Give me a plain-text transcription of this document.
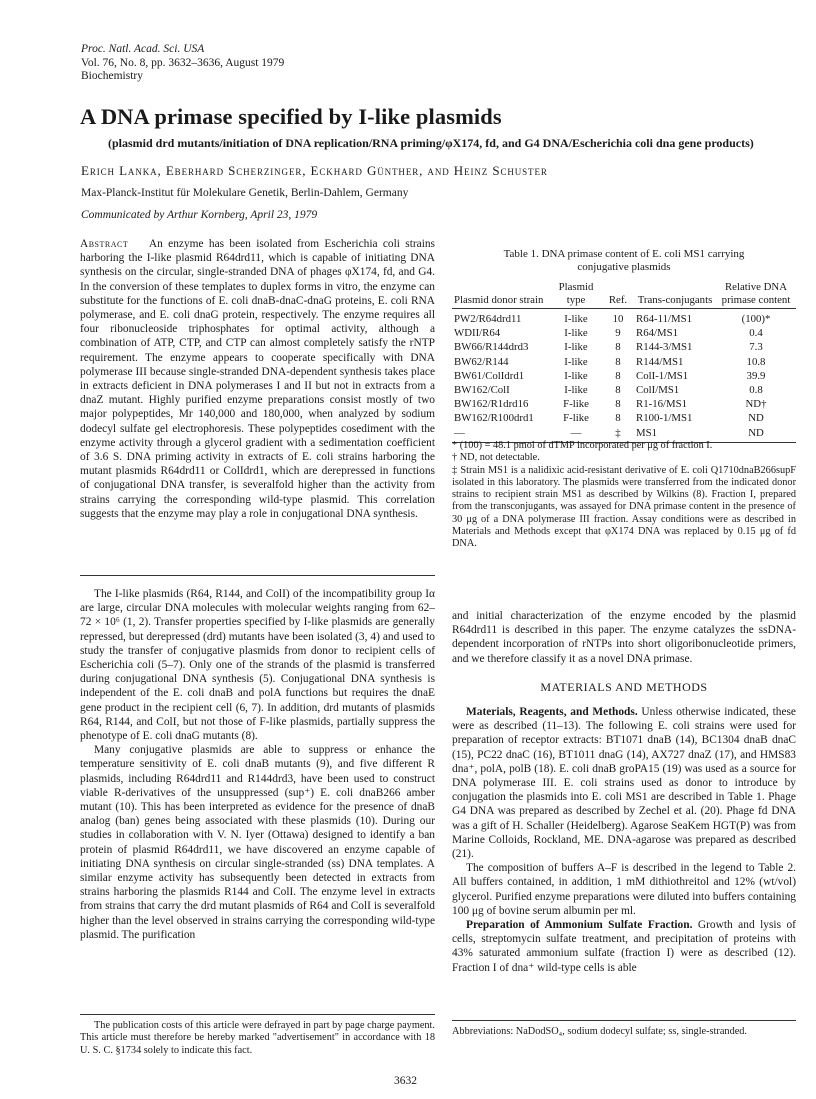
Proc. Natl. Acad. Sci. USA
Vol. 76, No. 8, pp. 3632–3636, August 1979
Biochemistry
A DNA primase specified by I-like plasmids
(plasmid drd mutants/initiation of DNA replication/RNA priming/φX174, fd, and G4 DNA/Escherichia coli dna gene products)
Erich Lanka, Eberhard Scherzinger, Eckhard Günther, and Heinz Schuster
Max-Planck-Institut für Molekulare Genetik, Berlin-Dahlem, Germany
Communicated by Arthur Kornberg, April 23, 1979
Abstract An enzyme has been isolated from Escherichia coli strains harboring the I-like plasmid R64drd11, which is capable of initiating DNA synthesis on the circular, single-stranded DNA of phages φX174, fd, and G4. In the conversion of these templates to duplex forms in vitro, the enzyme can substitute for the functions of E. coli dnaB-dnaC-dnaG proteins, E. coli RNA polymerase, and E. coli dnaG protein, respectively. The enzyme requires all four ribonucleoside triphosphates for optimal activity, although a combination of ATP, CTP, and CTP can almost completely satisfy the rNTP requirement. The enzyme appears to cooperate specifically with DNA polymerase III because single-stranded DNA-dependent synthesis takes place in extracts deficient in DNA polymerases I and II but not in extracts from a dnaZ mutant. Highly purified enzyme preparations consist mostly of two major polypeptides, Mr 140,000 and 180,000, when analyzed by sodium dodecyl sulfate gel electrophoresis. These polypeptides cosediment with the enzyme activity through a glycerol gradient with a sedimentation coefficient of 3.6 S. DNA priming activity in extracts of E. coli strains harboring the mutant plasmids R64drd11 or ColIdrd1, which are derepressed in functions of conjugational DNA transfer, is severalfold higher than the activity from strains carrying the corresponding wild-type plasmid. This correlation suggests that the enzyme may play a role in conjugational DNA synthesis.

The I-like plasmids (R64, R144, and ColI) of the incompatibility group Iα are large, circular DNA molecules with molecular weights ranging from 62–72 × 10⁶ (1, 2). Transfer properties specified by I-like plasmids are generally repressed, but derepressed (drd) mutants have been isolated (3, 4) and used to study the transfer of conjugative plasmids from donor to recipient cells of Escherichia coli (5–7). Only one of the strands of the plasmid is transferred during conjugational DNA synthesis (5). Conjugational DNA synthesis is independent of the E. coli dnaB and polA functions but requires the dnaE gene product in the recipient cell (6, 7). In addition, drd mutants of plasmids R64, R144, and ColI, but not those of F-like plasmids, partially suppress the phenotype of E. coli dnaG mutants (8).

Many conjugative plasmids are able to suppress or enhance the temperature sensitivity of E. coli dnaB mutants (9), and five different R plasmids, including R64drd11 and R144drd3, have been used to construct viable R-derivatives of the unsuppressed (sup⁺) E. coli dnaB266 amber mutant (10). This has been interpreted as evidence for the presence of dnaB analog (ban) genes being associated with these plasmids (10). During our studies in collaboration with V. N. Iyer (Ottawa) designed to identify a ban protein of plasmid R64drd11, we have discovered an enzyme capable of initiating DNA synthesis on circular single-stranded (ss) DNA templates. A similar enzyme activity has subsequently been detected in extracts from strains harboring the plasmids R144 and ColI. The enzyme level in extracts from strains that carry the drd mutant plasmids of R64 and ColI is severalfold higher than the level observed in strains carrying the corresponding wild-type plasmid. The purification

The publication costs of this article were defrayed in part by page charge payment. This article must therefore be hereby marked "advertisement" in accordance with 18 U. S. C. §1734 solely to indicate this fact.

Table 1. DNA primase content of E. coli MS1 carrying
conjugative plasmids
Plasmid donor strain	Plasmid type	Ref.	Trans-conjugants	Relative DNA primase content
PW2/R64drd11	I-like	10	R64-11/MS1	(100)*
WDII/R64	I-like	9	R64/MS1	0.4
BW66/R144drd3	I-like	8	R144-3/MS1	7.3
BW62/R144	I-like	8	R144/MS1	10.8
BW61/ColIdrd1	I-like	8	ColI-1/MS1	39.9
BW162/ColI	I-like	8	ColI/MS1	0.8
BW162/R1drd16	F-like	8	R1-16/MS1	ND†
BW162/R100drd1	F-like	8	R100-1/MS1	ND
—	—	‡	MS1	ND

* (100) = 48.1 pmol of dTMP incorporated per μg of fraction I.

† ND, not detectable.

‡ Strain MS1 is a nalidixic acid-resistant derivative of E. coli Q1710dnaB266supF isolated in this laboratory. The plasmids were transferred from the indicated donor strains to recipient strain MS1 as described by Wilkins (8). Fraction I, prepared from the transconjugants, was assayed for DNA primase content in the presence of 30 μg of a DNA polymerase III fraction. Assay conditions were as described in Materials and Methods except that φX174 DNA was replaced by 0.15 μg of fd DNA.

and initial characterization of the enzyme encoded by the plasmid R64drd11 is described in this paper. The enzyme catalyzes the ssDNA-dependent incorporation of rNTPs into short oligoribonucleotide primers, and we therefore classify it as a novel DNA primase.

MATERIALS AND METHODS

Materials, Reagents, and Methods. Unless otherwise indicated, these were as described (11–13). The following E. coli strains were used for preparation of receptor extracts: BT1071 dnaB (14), BC1304 dnaB dnaC (15), PC22 dnaC (16), BT1011 dnaG (14), AX727 dnaZ (17), and HMS83 dna⁺, polA, polB (18). E. coli dnaB groPA15 (19) was used as a source for DNA polymerase III. E. coli strains used as donor to introduce by conjugation the plasmids into E. coli MS1 are described in Table 1. Phage G4 DNA was prepared as described by Zechel et al. (20). Phage fd DNA was a gift of H. Schaller (Heidelberg). Agarose SeaKem HGT(P) was from Marine Colloids, Rockland, ME. DNA-agarose was prepared as described (21).

The composition of buffers A–F is described in the legend to Table 2. All buffers contained, in addition, 1 mM dithiothreitol and 12% (wt/vol) glycerol. Purified enzyme preparations were diluted into buffers containing 100 μg of bovine serum albumin per ml.

Preparation of Ammonium Sulfate Fraction. Growth and lysis of cells, streptomycin sulfate treatment, and precipitation of proteins with 43% saturated ammonium sulfate (fraction I) were as described (12). Fraction I of dna⁺ wild-type cells is able

Abbreviations: NaDodSO₄, sodium dodecyl sulfate; ss, single-stranded.
3632
